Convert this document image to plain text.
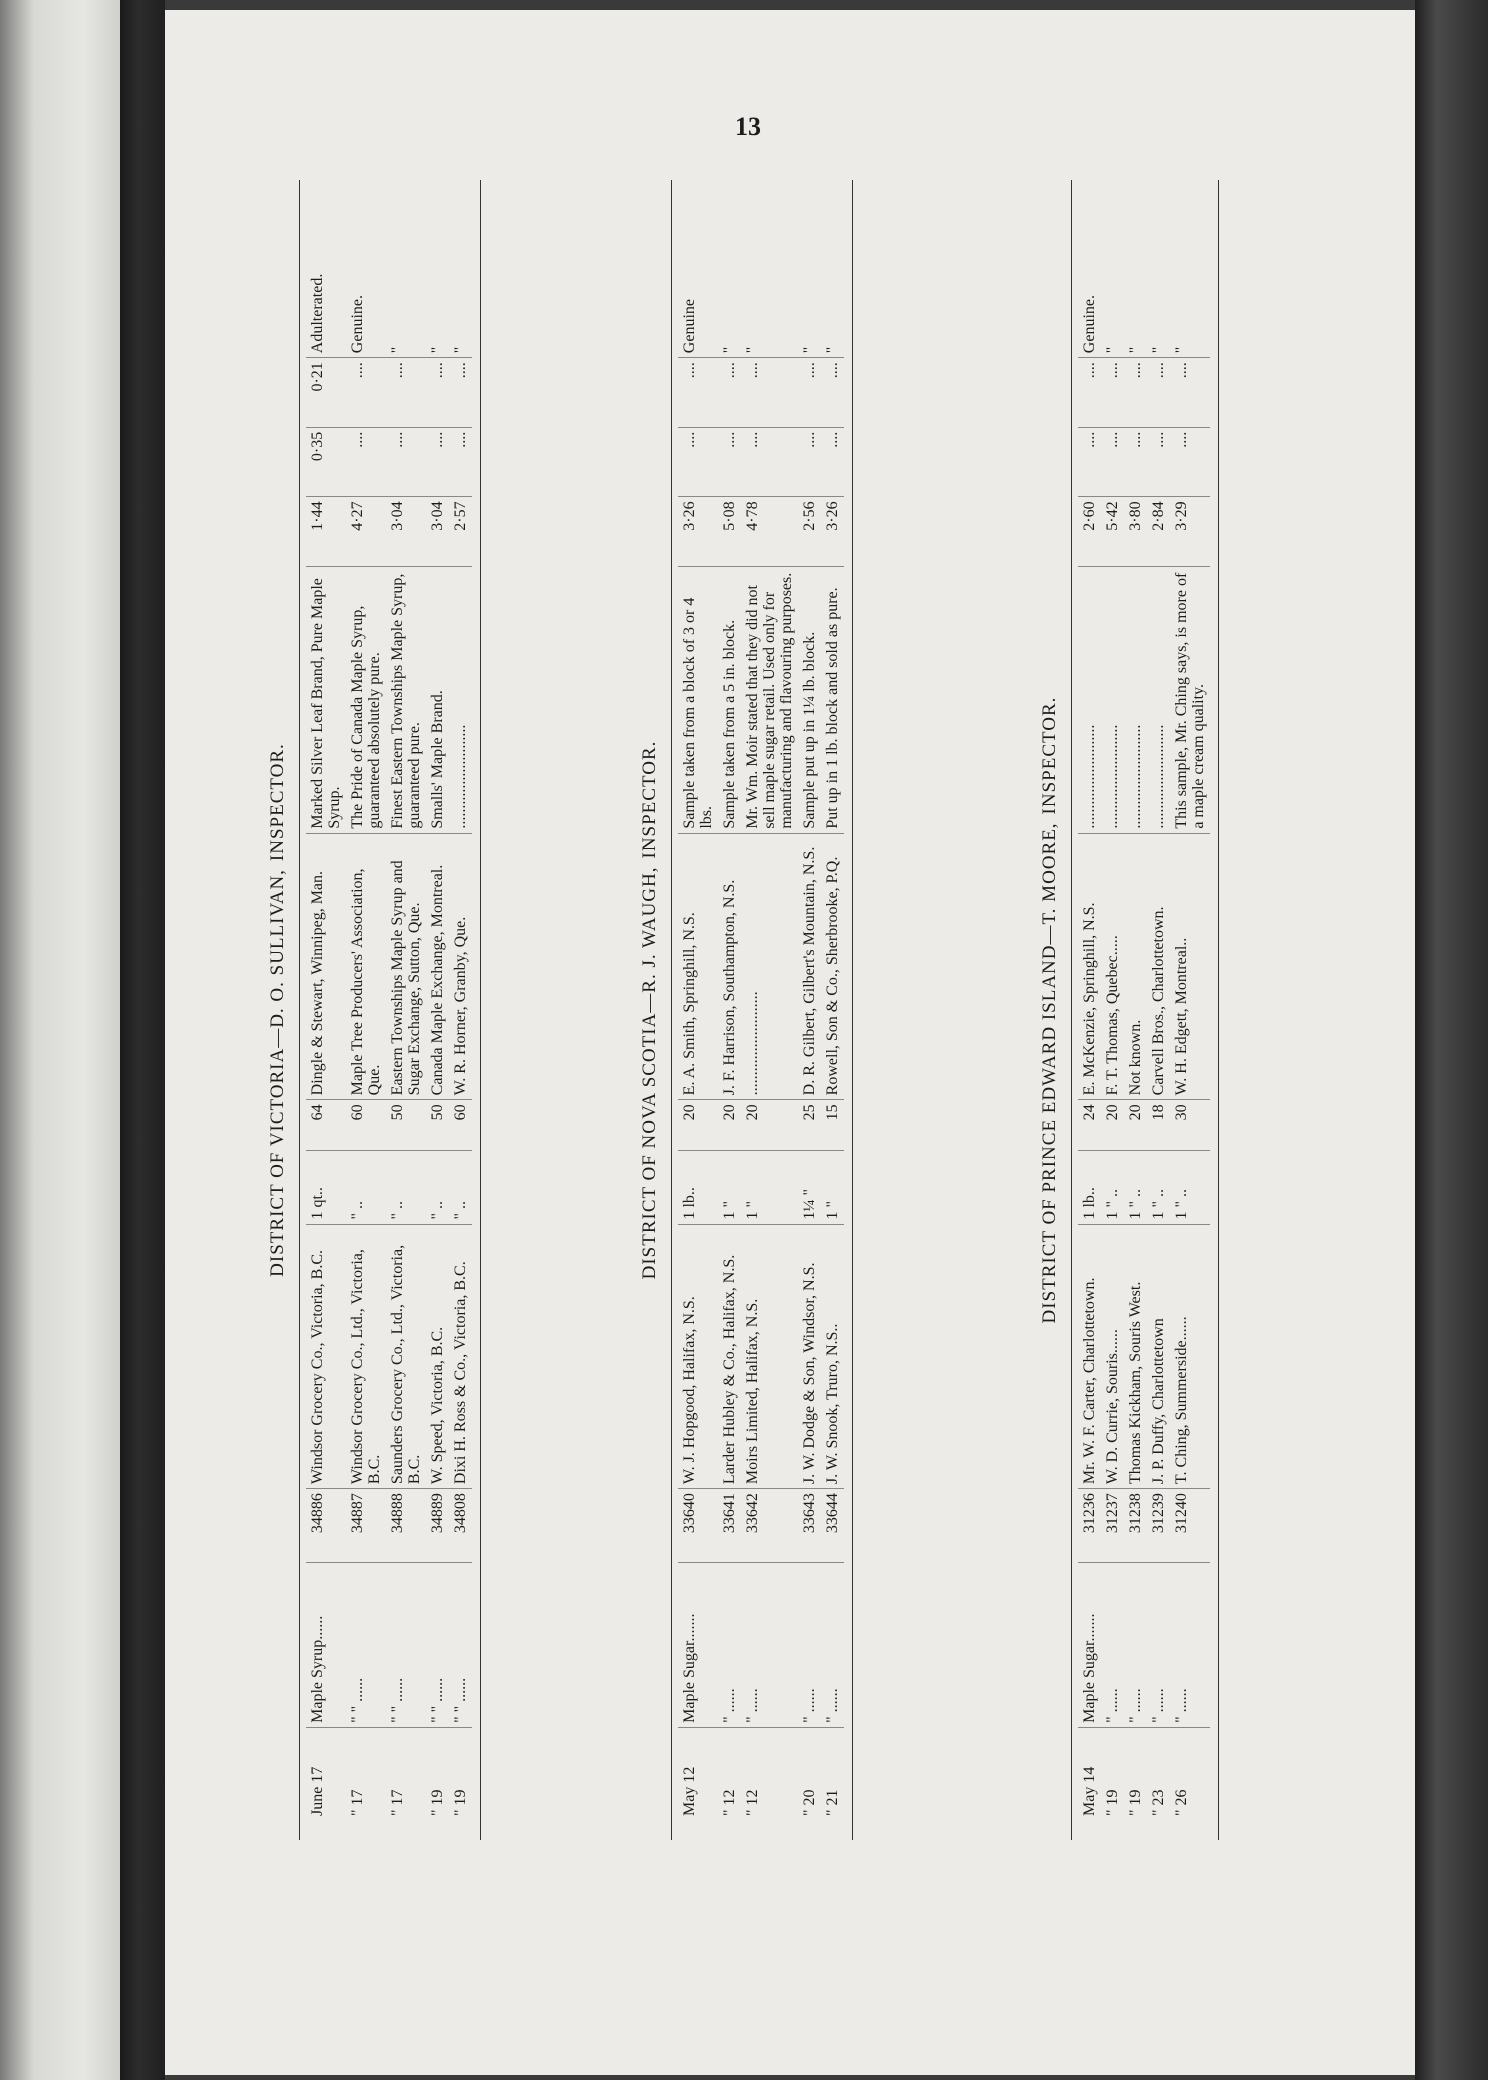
13
DISTRICT OF VICTORIA—D. O. SULLIVAN,INSPECTOR.
June 17	Maple Syrup......	34886	Windsor Grocery Co., Victoria, B.C.	1 qt..	64	Dingle & Stewart, Winnipeg, Man.	Marked Silver Leaf Brand, Pure Maple Syrup.	1·44	0·35	0·21	Adulterated.
" 17	" " ......	34887	Windsor Grocery Co., Ltd., Victoria, B.C.	" ..	60	Maple Tree Producers' Association, Que.	The Pride of Canada Maple Syrup, guaranteed absolutely pure.	4·27	....	....	Genuine.
" 17	" " ......	34888	Saunders Grocery Co., Ltd., Victoria, B.C.	" ..	50	Eastern Townships Maple Syrup and Sugar Exchange, Sutton, Que.	Finest Eastern Townships Maple Syrup, guaranteed pure.	3·04	....	....	"
" 19	" " ......	34889	W. Speed, Victoria, B.C.	" ..	50	Canada Maple Exchange, Montreal.	Smalls' Maple Brand.	3·04	....	....	"
" 19	" " ......	34808	Dixi H. Ross & Co., Victoria, B.C.	" ..	60	W. R. Horner, Granby, Que.	..........................	2·57	....	....	"
DISTRICT OF NOVA SCOTIA—R. J. WAUGH,INSPECTOR.
May 12	Maple Sugar.......	33640	W. J. Hopgood, Halifax, N.S.	1 lb..	20	E. A. Smith, Springhill, N.S.	Sample taken from a block of 3 or 4 lbs.	3·26	....	....	Genuine
" 12	" ......	33641	Larder Hubley & Co., Halifax, N.S.	1 "	20	J. F. Harrison, Southampton, N.S.	Sample taken from a 5 in. block.	5·08	....	....	"
" 12	" ......	33642	Moirs Limited, Halifax, N.S.	1 "	20	..........................	Mr. Wm. Moir stated that they did not sell maple sugar retail. Used only for manufacturing and flavouring purposes.	4·78	....	....	"
" 20	" ......	33643	J. W. Dodge & Son, Windsor, N.S.	1¼ "	25	D. R. Gilbert, Gilbert's Mountain, N.S.	Sample put up in 1¼ lb. block.	2·56	....	....	"
" 21	" ......	33644	J. W. Snook, Truro, N.S..	1 "	15	Rowell, Son & Co., Sherbrooke, P.Q.	Put up in 1 lb. block and sold as pure.	3·26	....	....	"
DISTRICT OF PRINCE EDWARD ISLAND—T. MOORE,INSPECTOR.
May 14	Maple Sugar.......	31236	Mr. W. F. Carter, Charlottetown.	1 lb..	24	E. McKenzie, Springhill, N.S.	..........................	2·60	....	....	Genuine.
" 19	" ......	31237	W. D. Currie, Souris......	1 " ..	20	F. T. Thomas, Quebec.....	..........................	5·42	....	....	"
" 19	" ......	31238	Thomas Kickham, Souris West.	1 " ..	20	Not known.	..........................	3·80	....	....	"
" 23	" ......	31239	J. P. Duffy, Charlottetown	1 " ..	18	Carvell Bros., Charlottetown.	..........................	2·84	....	....	"
" 26	" ......	31240	T. Ching, Summerside......	1 " ..	30	W. H. Edgett, Montreal..	This sample, Mr. Ching says, is more of a maple cream quality.	3·29	....	....	"
